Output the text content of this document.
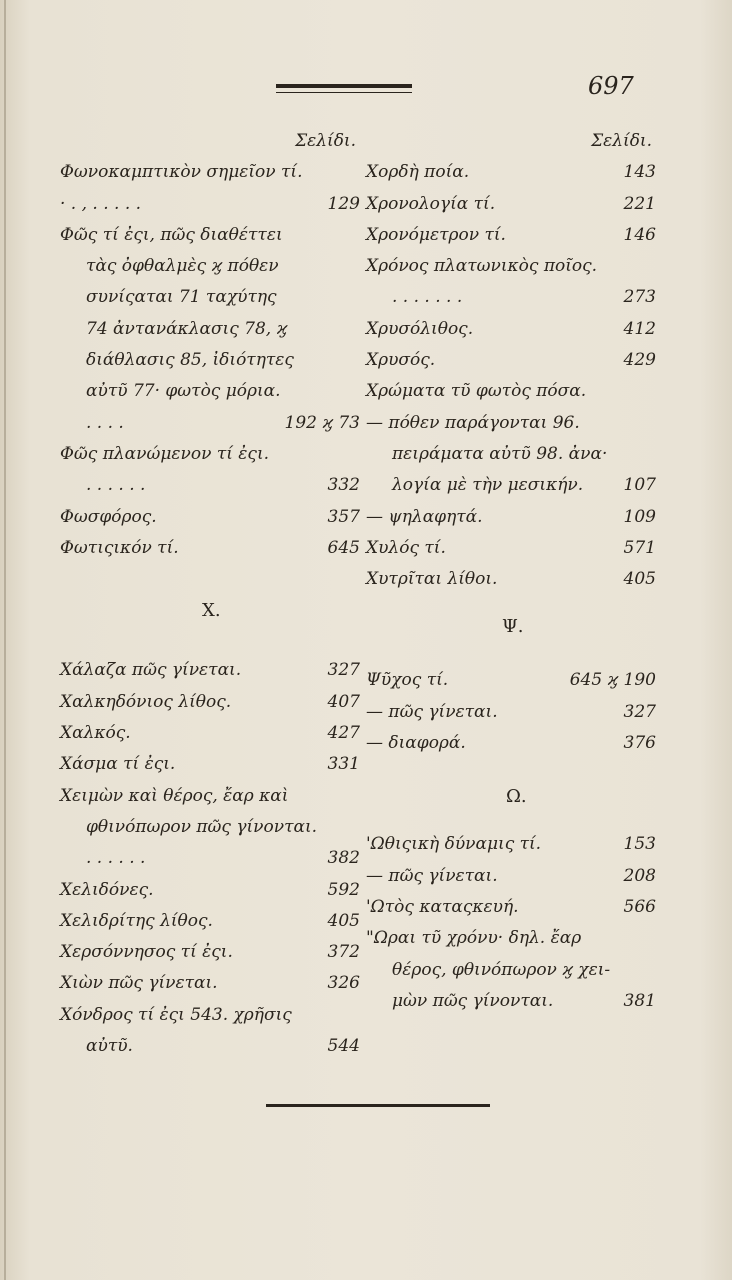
697
Σελίδι.
Φωνοκαμπτικὸν σημεῖον τί.
· . , . . . . .	129
Φῶς τί ἐςι, πῶς διαθέττει
τὰς ὀφθαλμὲς ϗ πόθεν
συνίςαται 71 ταχύτης
74 ἀντανάκλασις 78, ϗ
διάθλασις 85, ἰδιότητες
αὐτῦ 77· φωτὸς μόρια.
. . . .	192 ϗ 73
Φῶς πλανώμενον τί ἐςι.
. . . . . .	332
Φωσφόρος.	357
Φωτιςικόν τί.	645
Χ.
Χάλαζα πῶς γίνεται.	327
Χαλκηδόνιος λίθος.	407
Χαλκός.	427
Χάσμα τί ἐςι.	331
Χειμὼν καὶ θέρος, ἔαρ καὶ
φθινόπωρον πῶς γίνονται.
. . . . . .	382
Χελιδόνες.	592
Χελιδρίτης λίθος.	405
Χερσόννησος τί ἐςι.	372
Χιὼν πῶς γίνεται.	326
Χόνδρος τί ἐςι 543. χρῆσις
αὐτῦ.	544
Σελίδι.
Χορδὴ ποία.	143
Χρονολογία τί.	221
Χρονόμετρον τί.	146
Χρόνος πλατωνικὸς ποῖος.
. . . . . . .	273
Χρυσόλιθος.	412
Χρυσός.	429
Χρώματα τῦ φωτὸς πόσα.
— πόθεν παράγονται 96.
πειράματα αὐτῦ 98. ἀνα·
λογία μὲ τὴν μεσικήν. 107
— ψηλαφητά.	109
Χυλός τί.	571
Χυτρῖται λίθοι.	405
Ψ.
Ψῦχος τί.	645 ϗ 190
— πῶς γίνεται.	327
— διαφορά.	376
Ω.
'Ωθιςικὴ δύναμις τί.	153
— πῶς γίνεται.	208
'Ωτὸς καταςκευή.	566
"Ωραι τῦ χρόνυ· δηλ. ἔαρ
θέρος, φθινόπωρον ϗ χει-
μὼν πῶς γίνονται.	381
